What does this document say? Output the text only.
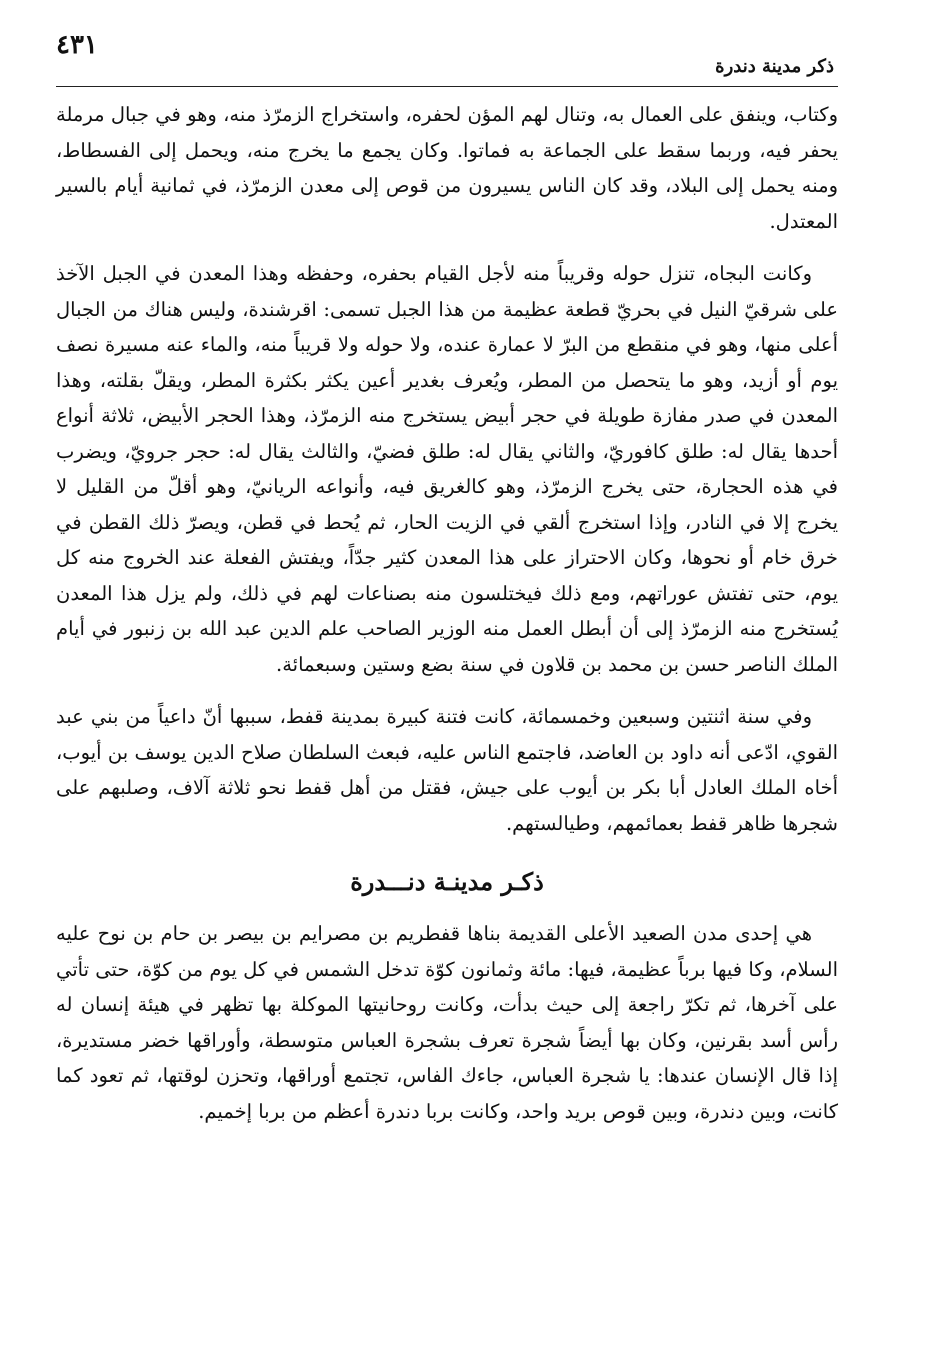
٤٣١
ذكر مدينة دندرة

وكتاب، وينفق على العمال به، وتنال لهم المؤن لحفره، واستخراج الزمرّذ منه، وهو في جبال مرملة يحفر فيه، وربما سقط على الجماعة به فماتوا. وكان يجمع ما يخرج منه، ويحمل إلى الفسطاط، ومنه يحمل إلى البلاد، وقد كان الناس يسيرون من قوص إلى معدن الزمرّذ، في ثمانية أيام بالسير المعتدل.

وكانت البجاه، تنزل حوله وقريباً منه لأجل القيام بحفره، وحفظه وهذا المعدن في الجبل الآخذ على شرقيّ النيل في بحريّ قطعة عظيمة من هذا الجبل تسمى: اقرشندة، وليس هناك من الجبال أعلى منها، وهو في منقطع من البرّ لا عمارة عنده، ولا حوله ولا قريباً منه، والماء عنه مسيرة نصف يوم أو أزيد، وهو ما يتحصل من المطر، ويُعرف بغدير أعين يكثر بكثرة المطر، ويقلّ بقلته، وهذا المعدن في صدر مفازة طويلة في حجر أبيض يستخرج منه الزمرّذ، وهذا الحجر الأبيض، ثلاثة أنواع أحدها يقال له: طلق كافوريّ، والثاني يقال له: طلق فضيّ، والثالث يقال له: حجر جرويّ، ويضرب في هذه الحجارة، حتى يخرج الزمرّذ، وهو كالغريق فيه، وأنواعه الريانيّ، وهو أقلّ من القليل لا يخرج إلا في النادر، وإذا استخرج ألقي في الزيت الحار، ثم يُحط في قطن، ويصرّ ذلك القطن في خرق خام أو نحوها، وكان الاحتراز على هذا المعدن كثير جدّاً، ويفتش الفعلة عند الخروج منه كل يوم، حتى تفتش عوراتهم، ومع ذلك فيختلسون منه بصناعات لهم في ذلك، ولم يزل هذا المعدن يُستخرج منه الزمرّذ إلى أن أبطل العمل منه الوزير الصاحب علم الدين عبد الله بن زنبور في أيام الملك الناصر حسن بن محمد بن قلاون في سنة بضع وستين وسبعمائة.

وفي سنة اثنتين وسبعين وخمسمائة، كانت فتنة كبيرة بمدينة قفط، سببها أنّ داعياً من بني عبد القوي، ادّعى أنه داود بن العاضد، فاجتمع الناس عليه، فبعث السلطان صلاح الدين يوسف بن أيوب، أخاه الملك العادل أبا بكر بن أيوب على جيش، فقتل من أهل قفط نحو ثلاثة آلاف، وصلبهم على شجرها ظاهر قفط بعمائمهم، وطيالستهم.

ذكـر مدينـة دنـــدرة

هي إحدى مدن الصعيد الأعلى القديمة بناها قفطريم بن مصرايم بن بيصر بن حام بن نوح عليه السلام، وكا فيها برباً عظيمة، فيها: مائة وثمانون كوّة تدخل الشمس في كل يوم من كوّة، حتى تأتي على آخرها، ثم تكرّ راجعة إلى حيث بدأت، وكانت روحانيتها الموكلة بها تظهر في هيئة إنسان له رأس أسد بقرنين، وكان بها أيضاً شجرة تعرف بشجرة العباس متوسطة، وأوراقها خضر مستديرة، إذا قال الإنسان عندها: يا شجرة العباس، جاءك الفاس، تجتمع أوراقها، وتحزن لوقتها، ثم تعود كما كانت، وبين دندرة، وبين قوص بريد واحد، وكانت بربا دندرة أعظم من بربا إخميم.
